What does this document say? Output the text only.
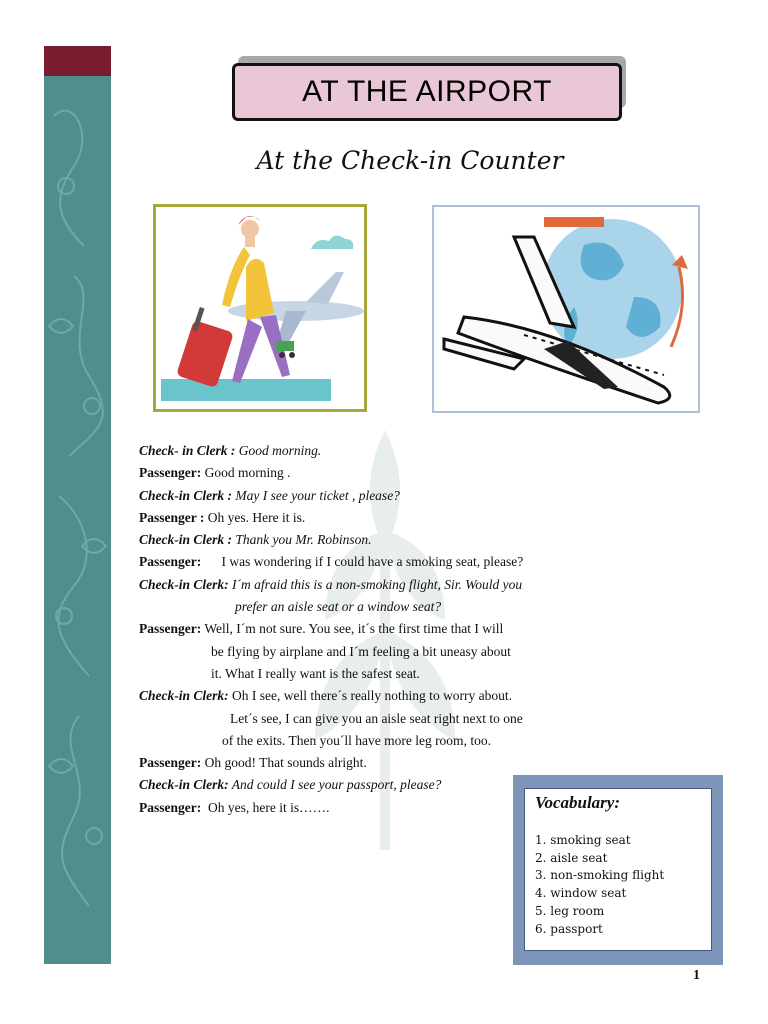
AT THE AIRPORT
At the Check-in Counter
Check- in Clerk : Good morning.
Passenger: Good morning .
Check-in Clerk : May I see your ticket , please?
Passenger : Oh yes. Here it is.
Check-in Clerk : Thank you Mr. Robinson.
Passenger:      I was wondering if I could have a smoking seat, please?
Check-in Clerk: I´m afraid this is a non-smoking flight, Sir. Would you
prefer an aisle seat or a window seat?
Passenger: Well, I´m not sure. You see, it´s the first time that I will
be flying by airplane and I´m feeling a bit uneasy about
it. What I really want is the safest seat.
Check-in Clerk: Oh I see, well there´s really nothing to worry about.
Let´s see, I can give you an aisle seat right next to one
of the exits. Then you´ll have more leg room, too.
Passenger: Oh good! That sounds alright.
Check-in Clerk: And could I see your passport, please?
Passenger:  Oh yes, here it is…….	Vocabulary:
1. smoking seat
2. aisle seat
3. non-smoking flight
4. window seat
5. leg room
6. passport
1
